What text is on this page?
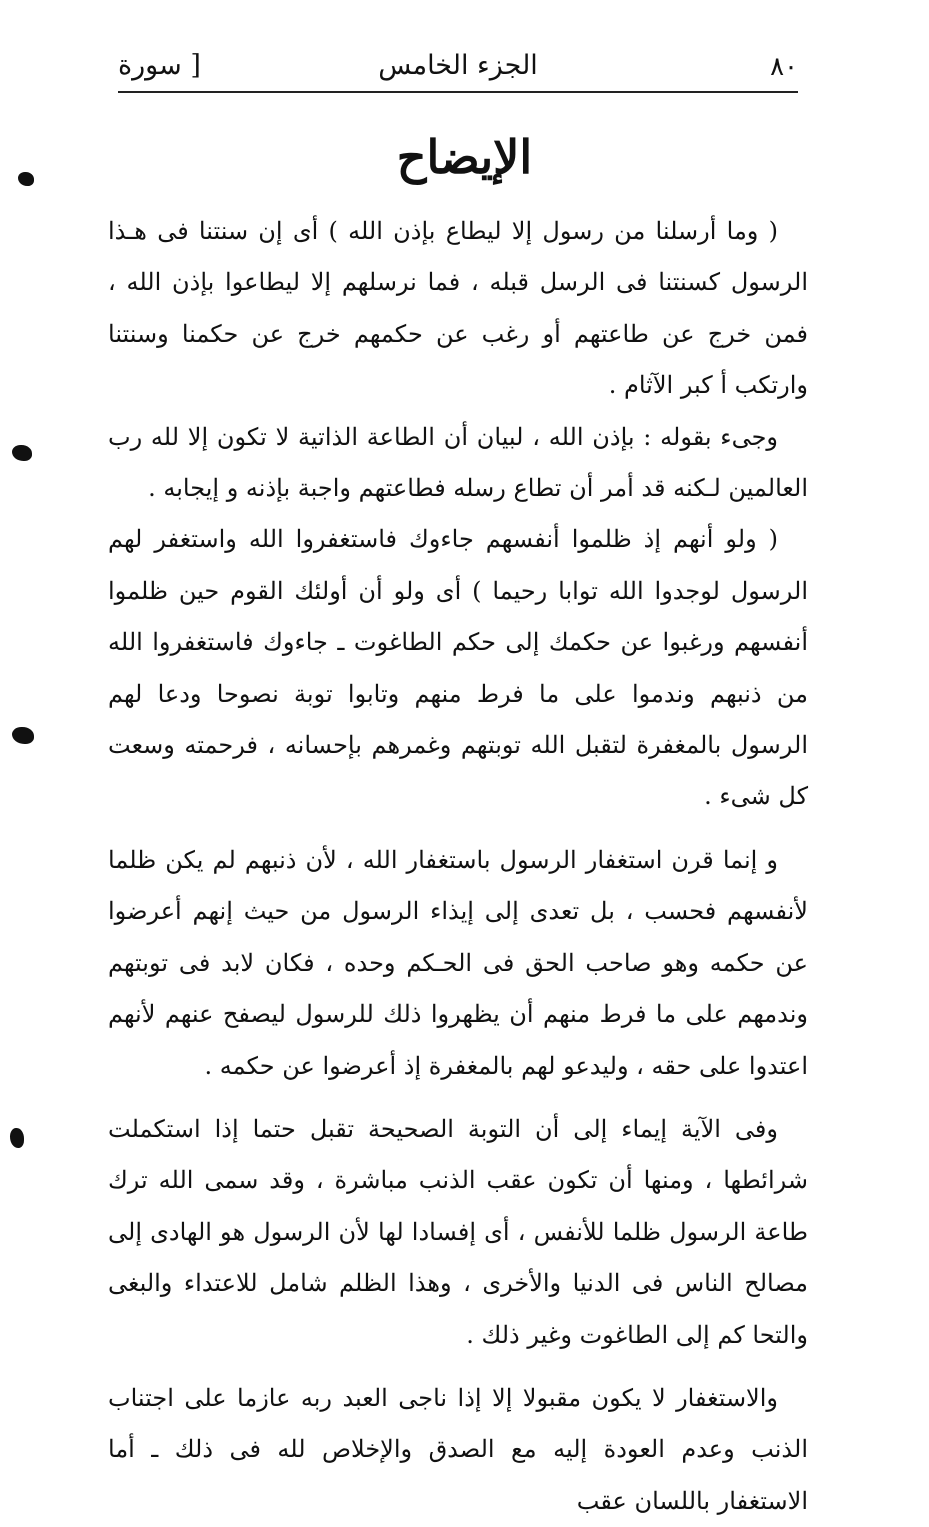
٨٠
الجزء الخامس
[ سورة
الإيضاح

( وما أرسلنا من رسول إلا ليطاع بإذن الله ) أى إن سنتنا فى هـذا الرسول كسنتنا فى الرسل قبله ، فما نرسلهم إلا ليطاعوا بإذن الله ، فمن خرج عن طاعتهم أو رغب عن حكمهم خرج عن حكمنا وسنتنا وارتكب أ كبر الآثام .

وجىء بقوله : بإذن الله ، لبيان أن الطاعة الذاتية لا تكون إلا لله رب العالمين لـكنه قد أمر أن تطاع رسله فطاعتهم واجبة بإذنه و إيجابه .

( ولو أنهم إذ ظلموا أنفسهم جاءوك فاستغفروا الله واستغفر لهم الرسول لوجدوا الله توابا رحيما ) أى ولو أن أولئك القوم حين ظلموا أنفسهم ورغبوا عن حكمك إلى حكم الطاغوت ـ جاءوك فاستغفروا الله من ذنبهم وندموا على ما فرط منهم وتابوا توبة نصوحا ودعا لهم الرسول بالمغفرة لتقبل الله توبتهم وغمرهم بإحسانه ، فرحمته وسعت كل شىء .

و إنما قرن استغفار الرسول باستغفار الله ، لأن ذنبهم لم يكن ظلما لأنفسهم فحسب ، بل تعدى إلى إيذاء الرسول من حيث إنهم أعرضوا عن حكمه وهو صاحب الحق فى الحـكم وحده ، فكان لابد فى توبتهم وندمهم على ما فرط منهم أن يظهروا ذلك للرسول ليصفح عنهم لأنهم اعتدوا على حقه ، وليدعو لهم بالمغفرة إذ أعرضوا عن حكمه .

وفى الآية إيماء إلى أن التوبة الصحيحة تقبل حتما إذا استكملت شرائطها ، ومنها أن تكون عقب الذنب مباشرة ، وقد سمى الله ترك طاعة الرسول ظلما للأنفس ، أى إفسادا لها لأن الرسول هو الهادى إلى مصالح الناس فى الدنيا والأخرى ، وهذا الظلم شامل للاعتداء والبغى والتحا كم إلى الطاغوت وغير ذلك .

والاستغفار لا يكون مقبولا إلا إذا ناجى العبد ربه عازما على اجتناب الذنب وعدم العودة إليه مع الصدق والإخلاص لله فى ذلك ـ أما الاستغفار باللسان عقب
